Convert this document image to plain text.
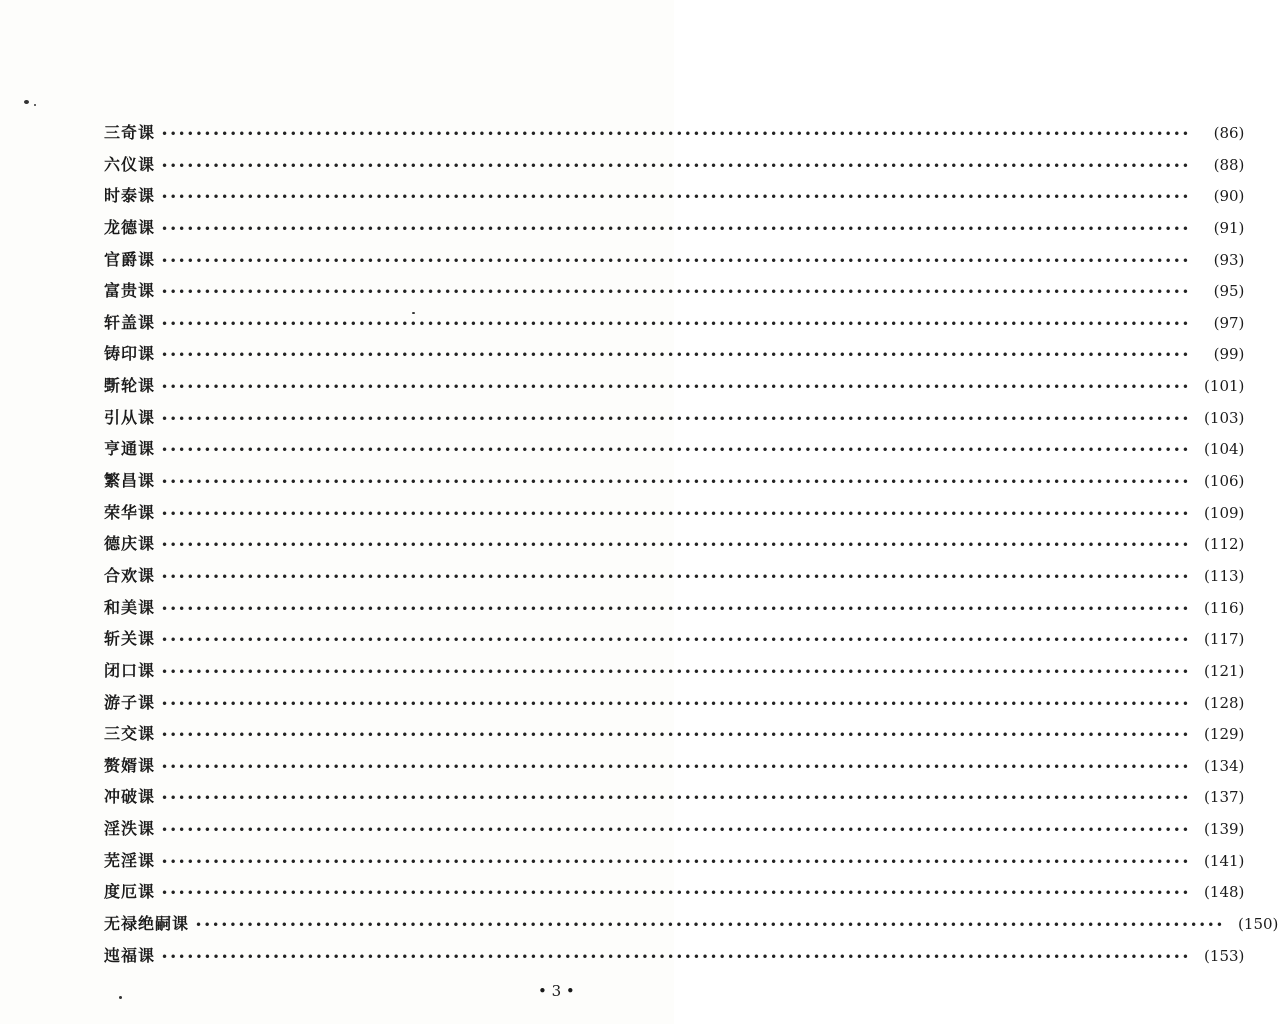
三奇课 ••••••••••••••••••••••••••••••••••••••••••••••••••••••••••••••••••••••••••••••••••••••••••••••••••••••••••••••••••••••••	(86)
六仪课 ••••••••••••••••••••••••••••••••••••••••••••••••••••••••••••••••••••••••••••••••••••••••••••••••••••••••••••••••••••••••	(88)
时泰课 ••••••••••••••••••••••••••••••••••••••••••••••••••••••••••••••••••••••••••••••••••••••••••••••••••••••••••••••••••••••••	(90)
龙德课 ••••••••••••••••••••••••••••••••••••••••••••••••••••••••••••••••••••••••••••••••••••••••••••••••••••••••••••••••••••••••	(91)
官爵课 ••••••••••••••••••••••••••••••••••••••••••••••••••••••••••••••••••••••••••••••••••••••••••••••••••••••••••••••••••••••••	(93)
富贵课 ••••••••••••••••••••••••••••••••••••••••••••••••••••••••••••••••••••••••••••••••••••••••••••••••••••••••••••••••••••••••	(95)
轩盖课 ••••••••••••••••••••••••••••••••••••••••••••••••••••••••••••••••••••••••••••••••••••••••••••••••••••••••••••••••••••••••	(97)
铸印课 ••••••••••••••••••••••••••••••••••••••••••••••••••••••••••••••••••••••••••••••••••••••••••••••••••••••••••••••••••••••••	(99)
斲轮课 •••••••••••••••••••••••••••••••••••••••••••••••••••••••••••••••••••••••••••••••••••••••••••••••••••••••••••••••••••••••• (101)
引从课 •••••••••••••••••••••••••••••••••••••••••••••••••••••••••••••••••••••••••••••••••••••••••••••••••••••••••••••••••••••••• (103)
亨通课 •••••••••••••••••••••••••••••••••••••••••••••••••••••••••••••••••••••••••••••••••••••••••••••••••••••••••••••••••••••••• (104)
繁昌课 •••••••••••••••••••••••••••••••••••••••••••••••••••••••••••••••••••••••••••••••••••••••••••••••••••••••••••••••••••••••• (106)
荣华课 •••••••••••••••••••••••••••••••••••••••••••••••••••••••••••••••••••••••••••••••••••••••••••••••••••••••••••••••••••••••• (109)
德庆课 •••••••••••••••••••••••••••••••••••••••••••••••••••••••••••••••••••••••••••••••••••••••••••••••••••••••••••••••••••••••• (112)
合欢课 •••••••••••••••••••••••••••••••••••••••••••••••••••••••••••••••••••••••••••••••••••••••••••••••••••••••••••••••••••••••• (113)
和美课 •••••••••••••••••••••••••••••••••••••••••••••••••••••••••••••••••••••••••••••••••••••••••••••••••••••••••••••••••••••••• (116)
斩关课 •••••••••••••••••••••••••••••••••••••••••••••••••••••••••••••••••••••••••••••••••••••••••••••••••••••••••••••••••••••••• (117)
闭口课 •••••••••••••••••••••••••••••••••••••••••••••••••••••••••••••••••••••••••••••••••••••••••••••••••••••••••••••••••••••••• (121)
游子课 •••••••••••••••••••••••••••••••••••••••••••••••••••••••••••••••••••••••••••••••••••••••••••••••••••••••••••••••••••••••• (128)
三交课 •••••••••••••••••••••••••••••••••••••••••••••••••••••••••••••••••••••••••••••••••••••••••••••••••••••••••••••••••••••••• (129)
赘婿课 •••••••••••••••••••••••••••••••••••••••••••••••••••••••••••••••••••••••••••••••••••••••••••••••••••••••••••••••••••••••• (134)
冲破课 •••••••••••••••••••••••••••••••••••••••••••••••••••••••••••••••••••••••••••••••••••••••••••••••••••••••••••••••••••••••• (137)
淫泆课 •••••••••••••••••••••••••••••••••••••••••••••••••••••••••••••••••••••••••••••••••••••••••••••••••••••••••••••••••••••••• (139)
芜淫课 •••••••••••••••••••••••••••••••••••••••••••••••••••••••••••••••••••••••••••••••••••••••••••••••••••••••••••••••••••••••• (141)
度厄课 •••••••••••••••••••••••••••••••••••••••••••••••••••••••••••••••••••••••••••••••••••••••••••••••••••••••••••••••••••••••• (148)
无禄绝嗣课 •••••••••••••••••••••••••••••••••••••••••••••••••••••••••••••••••••••••••••••••••••••••••••••••••••••••••••••••••••••••• (150)
迍福课 •••••••••••••••••••••••••••••••••••••••••••••••••••••••••••••••••••••••••••••••••••••••••••••••••••••••••••••••••••••••• (153)
• 3 •
